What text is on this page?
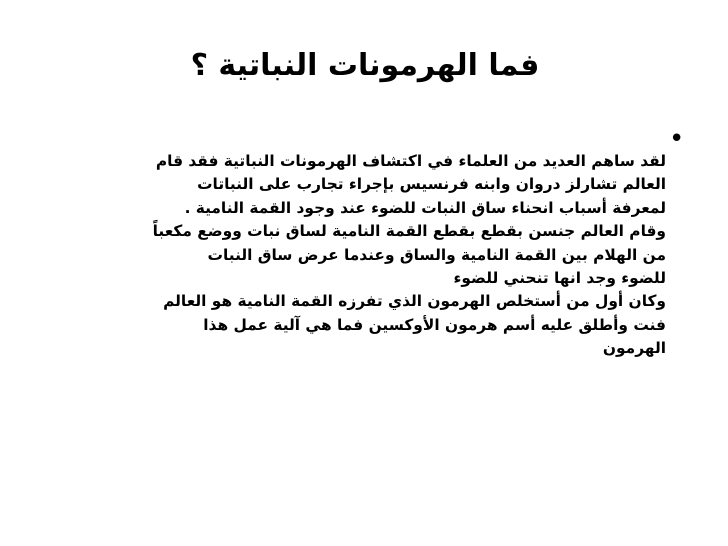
فما الهرمونات النباتية ؟
•
لقد ساهم العديد من العلماء في اكتشاف الهرمونات النباتية فقد قام
العالم تشارلز دروان وابنه فرنسيس بإجراء تجارب على النباتات
لمعرفة أسباب انحناء ساق النبات للضوء عند وجود القمة النامية .
وقام العالم جنسن بقطع بقطع القمة النامية لساق نبات ووضع مكعباً
من الهلام بين القمة النامية والساق وعندما عرض ساق النبات
للضوء وجد انها تنحني للضوء
وكان أول من أستخلص الهرمون الذي تفرزه القمة النامية هو العالم
فنت وأطلق عليه أسم هرمون الأوكسين فما هي آلية عمل هذا
الهرمون
